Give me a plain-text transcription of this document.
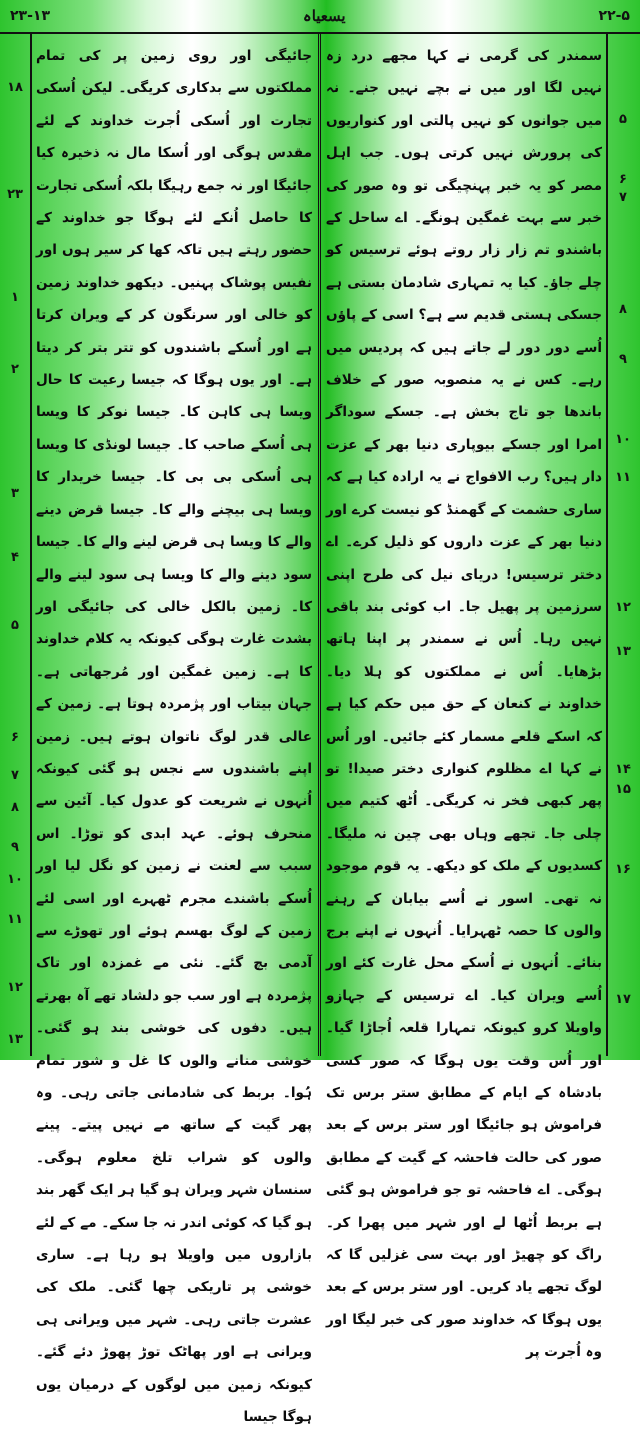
۲۳-۱۳	یسعیاہ	۲۲-۵

سمندر کی گرمی نے کہا مجھے درد زہ نہیں لگا اور میں نے بچے نہیں جنے۔ نہ میں جوانوں کو نہیں پالتی اور کنواریوں کی پرورش نہیں کرتی ہوں۔ جب اہل مصر کو یہ خبر پہنچیگی تو وہ صور کی خبر سے بہت غمگین ہونگے۔ اے ساحل کے باشندو تم زار زار روتے ہوئے ترسیس کو چلے جاؤ۔ کیا یہ تمہاری شادمان بستی ہے جسکی ہستی قدیم سے ہے؟ اسی کے پاؤں اُسے دور دور لے جاتے ہیں کہ پردیس میں رہے۔ کس نے یہ منصوبہ صور کے خلاف باندھا جو تاج بخش ہے۔ جسکے سوداگر امرا اور جسکے بیوپاری دنیا بھر کے عزت دار ہیں؟ رب الافواج نے یہ ارادہ کیا ہے کہ ساری حشمت کے گھمنڈ کو نیست کرے اور دنیا بھر کے عزت داروں کو ذلیل کرے۔ اے دختر ترسیس! دریای نیل کی طرح اپنی سرزمین پر پھیل جا۔ اب کوئی بند باقی نہیں رہا۔ اُس نے سمندر پر اپنا ہاتھ بڑھایا۔ اُس نے مملکتوں کو ہلا دیا۔ خداوند نے کنعان کے حق میں حکم کیا ہے کہ اسکے قلعے مسمار کئے جائیں۔ اور اُس نے کہا اے مظلوم کنواری دختر صیدا! تو پھر کبھی فخر نہ کریگی۔ اُٹھ کتیم میں چلی جا۔ تجھے وہاں بھی چین نہ ملیگا۔ کسدیوں کے ملک کو دیکھ۔ یہ قوم موجود نہ تھی۔ اسور نے اُسے بیابان کے رہنے والوں کا حصہ ٹھہرایا۔ اُنہوں نے اپنے برج بنائے۔ اُنہوں نے اُسکے محل غارت کئے اور اُسے ویران کیا۔ اے ترسیس کے جہازو واویلا کرو کیونکہ تمہارا قلعہ اُجاڑا گیا۔ اور اُس وقت یوں ہوگا کہ صور کسی بادشاہ کے ایام کے مطابق ستر برس تک فراموش ہو جائیگا اور ستر برس کے بعد صور کی حالت فاحشہ کے گیت کے مطابق ہوگی۔ اے فاحشہ تو جو فراموش ہو گئی ہے بربط اُٹھا لے اور شہر میں پھرا کر۔ راگ کو چھیڑ اور بہت سی غزلیں گا کہ لوگ تجھے یاد کریں۔ اور ستر برس کے بعد یوں ہوگا کہ خداوند صور کی خبر لیگا اور وہ اُجرت پر

جائیگی اور روی زمین پر کی تمام مملکتوں سے بدکاری کریگی۔ لیکن اُسکی تجارت اور اُسکی اُجرت خداوند کے لئے مقدس ہوگی اور اُسکا مال نہ ذخیرہ کیا جائیگا اور نہ جمع رہیگا بلکہ اُسکی تجارت کا حاصل اُنکے لئے ہوگا جو خداوند کے حضور رہتے ہیں تاکہ کھا کر سیر ہوں اور نفیس پوشاک پہنیں۔ دیکھو خداوند زمین کو خالی اور سرنگون کر کے ویران کرتا ہے اور اُسکے باشندوں کو تتر بتر کر دیتا ہے۔ اور یوں ہوگا کہ جیسا رعیت کا حال ویسا ہی کاہن کا۔ جیسا نوکر کا ویسا ہی اُسکے صاحب کا۔ جیسا لونڈی کا ویسا ہی اُسکی بی بی کا۔ جیسا خریدار کا ویسا ہی بیچنے والے کا۔ جیسا قرض دینے والے کا ویسا ہی قرض لینے والے کا۔ جیسا سود دینے والے کا ویسا ہی سود لینے والے کا۔ زمین بالکل خالی کی جائیگی اور بشدت غارت ہوگی کیونکہ یہ کلام خداوند کا ہے۔ زمین غمگین اور مُرجھاتی ہے۔ جہان بیتاب اور پژمردہ ہوتا ہے۔ زمین کے عالی قدر لوگ ناتوان ہوتے ہیں۔ زمین اپنے باشندوں سے نجس ہو گئی کیونکہ اُنہوں نے شریعت کو عدول کیا۔ آئین سے منحرف ہوئے۔ عہد ابدی کو توڑا۔ اس سبب سے لعنت نے زمین کو نگل لیا اور اُسکے باشندے مجرم ٹھہرے اور اسی لئے زمین کے لوگ بھسم ہوئے اور تھوڑے سے آدمی بچ گئے۔ نئی مے غمزدہ اور تاک پژمردہ ہے اور سب جو دلشاد تھے آہ بھرتے ہیں۔ دفوں کی خوشی بند ہو گئی۔ خوشی منانے والوں کا غل و شور تمام ہُوا۔ بربط کی شادمانی جاتی رہی۔ وہ پھر گیت کے ساتھ مے نہیں پیتے۔ پینے والوں کو شراب تلخ معلوم ہوگی۔ سنسان شہر ویران ہو گیا ہر ایک گھر بند ہو گیا کہ کوئی اندر نہ جا سکے۔ مے کے لئے بازاروں میں واویلا ہو رہا ہے۔ ساری خوشی پر تاریکی چھا گئی۔ ملک کی عشرت جاتی رہی۔ شہر میں ویرانی ہی ویرانی ہے اور پھاٹک توڑ پھوڑ دئے گئے۔ کیونکہ زمین میں لوگوں کے درمیان یوں ہوگا جیسا

۵
۶
۷
۸
۹
۱۰
۱۱
۱۲
۱۳
۱۴
۱۵
۱۶
۱۷
۱۸
۲۳
۱
۲
۳
۴
۵
۶
۷
۸
۹
۱۰
۱۱
۱۲
۱۳
